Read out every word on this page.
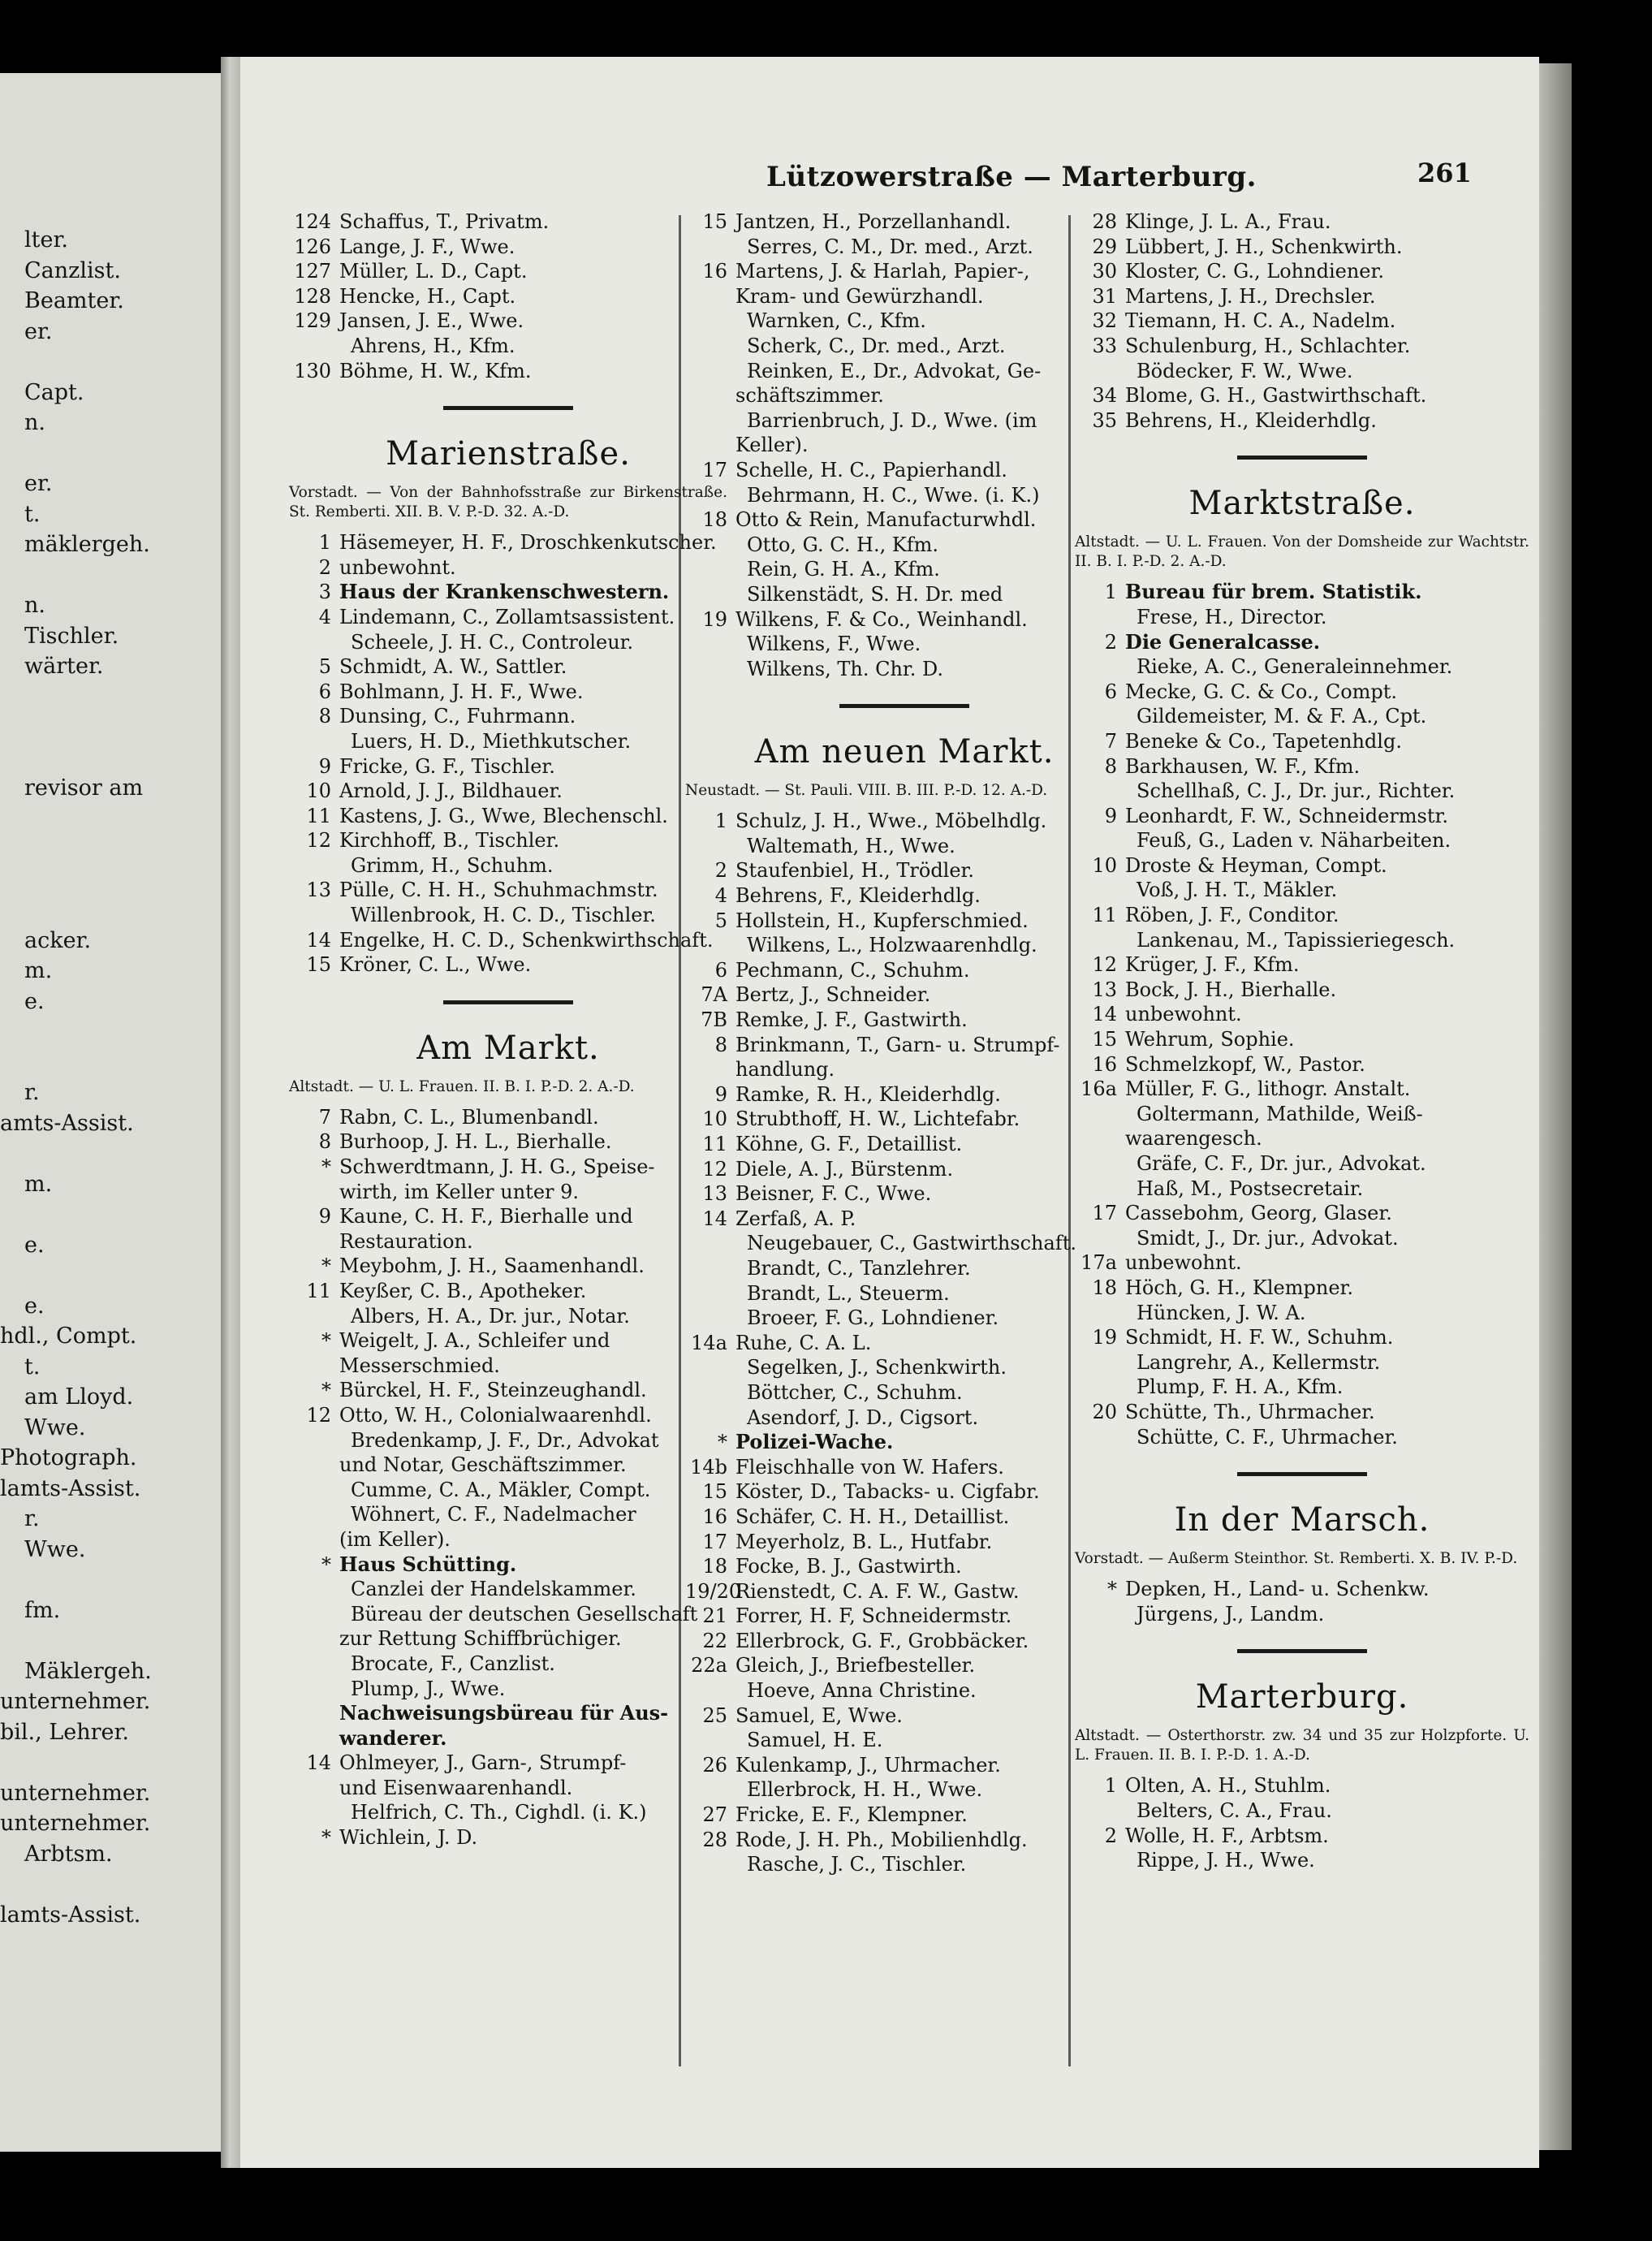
lter.
Canzlist.
Beamter.
er.
Capt.
n.
er.
t.
mäklergeh.
n.
Tischler.
wärter.
revisor am
acker.
m.
e.
r.
amts-Assist.
m.
e.
e.
hdl., Compt.
t.
am Lloyd.
Wwe.
Photograph.
lamts-Assist.
r.
Wwe.
fm.
Mäklergeh.
unternehmer.
bil., Lehrer.
unternehmer.
unternehmer.
Arbtsm.
lamts-Assist.
Lützowerstraße — Marterburg.	261
124 Schaffus, T., Privatm.
126 Lange, J. F., Wwe.
127 Müller, L. D., Capt.
128 Hencke, H., Capt.
129 Jansen, J. E., Wwe.
Ahrens, H., Kfm.
130 Böhme, H. W., Kfm.
Marienstraße.
Vorstadt. — Von der Bahnhofsstraße zur Birkenstraße. St. Remberti. XII. B. V. P.-D. 32. A.-D.
1 Häsemeyer, H. F., Droschkenkutscher.
2 unbewohnt.
3 Haus der Krankenschwestern.
4 Lindemann, C., Zollamtsassistent.
Scheele, J. H. C., Controleur.
5 Schmidt, A. W., Sattler.
6 Bohlmann, J. H. F., Wwe.
8 Dunsing, C., Fuhrmann.
Luers, H. D., Miethkutscher.
9 Fricke, G. F., Tischler.
10 Arnold, J. J., Bildhauer.
11 Kastens, J. G., Wwe, Blechenschl.
12 Kirchhoff, B., Tischler.
Grimm, H., Schuhm.
13 Pülle, C. H. H., Schuhmachmstr.
Willenbrook, H. C. D., Tischler.
14 Engelke, H. C. D., Schenkwirthschaft.
15 Kröner, C. L., Wwe.
Am Markt.
Altstadt. — U. L. Frauen. II. B. I. P.-D. 2. A.-D.
7 Rabn, C. L., Blumenbandl.
8 Burhoop, J. H. L., Bierhalle.
* Schwerdtmann, J. H. G., Speise-
wirth, im Keller unter 9.
9 Kaune, C. H. F., Bierhalle und
Restauration.
* Meybohm, J. H., Saamenhandl.
11 Keyßer, C. B., Apotheker.
Albers, H. A., Dr. jur., Notar.
* Weigelt, J. A., Schleifer und
Messerschmied.
* Bürckel, H. F., Steinzeughandl.
12 Otto, W. H., Colonialwaarenhdl.
Bredenkamp, J. F., Dr., Advokat
und Notar, Geschäftszimmer.
Cumme, C. A., Mäkler, Compt.
Wöhnert, C. F., Nadelmacher
(im Keller).
* Haus Schütting.
Canzlei der Handelskammer.
Büreau der deutschen Gesellschaft
zur Rettung Schiffbrüchiger.
Brocate, F., Canzlist.
Plump, J., Wwe.
Nachweisungsbüreau für Aus-
wanderer.
14 Ohlmeyer, J., Garn-, Strumpf-
und Eisenwaarenhandl.
Helfrich, C. Th., Cighdl. (i. K.)
* Wichlein, J. D.
15 Jantzen, H., Porzellanhandl.
Serres, C. M., Dr. med., Arzt.
16 Martens, J. & Harlah, Papier-,
Kram- und Gewürzhandl.
Warnken, C., Kfm.
Scherk, C., Dr. med., Arzt.
Reinken, E., Dr., Advokat, Ge-
schäftszimmer.
Barrienbruch, J. D., Wwe. (im
Keller).
17 Schelle, H. C., Papierhandl.
Behrmann, H. C., Wwe. (i. K.)
18 Otto & Rein, Manufacturwhdl.
Otto, G. C. H., Kfm.
Rein, G. H. A., Kfm.
Silkenstädt, S. H. Dr. med
19 Wilkens, F. & Co., Weinhandl.
Wilkens, F., Wwe.
Wilkens, Th. Chr. D.
Am neuen Markt.
Neustadt. — St. Pauli. VIII. B. III. P.-D. 12. A.-D.
1 Schulz, J. H., Wwe., Möbelhdlg.
Waltemath, H., Wwe.
2 Staufenbiel, H., Trödler.
4 Behrens, F., Kleiderhdlg.
5 Hollstein, H., Kupferschmied.
Wilkens, L., Holzwaarenhdlg.
6 Pechmann, C., Schuhm.
7A Bertz, J., Schneider.
7B Remke, J. F., Gastwirth.
8 Brinkmann, T., Garn- u. Strumpf-
handlung.
9 Ramke, R. H., Kleiderhdlg.
10 Strubthoff, H. W., Lichtefabr.
11 Köhne, G. F., Detaillist.
12 Diele, A. J., Bürstenm.
13 Beisner, F. C., Wwe.
14 Zerfaß, A. P.
Neugebauer, C., Gastwirthschaft.
Brandt, C., Tanzlehrer.
Brandt, L., Steuerm.
Broeer, F. G., Lohndiener.
14a Ruhe, C. A. L.
Segelken, J., Schenkwirth.
Böttcher, C., Schuhm.
Asendorf, J. D., Cigsort.
* Polizei-Wache.
14b Fleischhalle von W. Hafers.
15 Köster, D., Tabacks- u. Cigfabr.
16 Schäfer, C. H. H., Detaillist.
17 Meyerholz, B. L., Hutfabr.
18 Focke, B. J., Gastwirth.
19/20Rienstedt, C. A. F. W., Gastw.
21 Forrer, H. F, Schneidermstr.
22 Ellerbrock, G. F., Grobbäcker.
22a Gleich, J., Briefbesteller.
Hoeve, Anna Christine.
25 Samuel, E, Wwe.
Samuel, H. E.
26 Kulenkamp, J., Uhrmacher.
Ellerbrock, H. H., Wwe.
27 Fricke, E. F., Klempner.
28 Rode, J. H. Ph., Mobilienhdlg.
Rasche, J. C., Tischler.
28 Klinge, J. L. A., Frau.
29 Lübbert, J. H., Schenkwirth.
30 Kloster, C. G., Lohndiener.
31 Martens, J. H., Drechsler.
32 Tiemann, H. C. A., Nadelm.
33 Schulenburg, H., Schlachter.
Bödecker, F. W., Wwe.
34 Blome, G. H., Gastwirthschaft.
35 Behrens, H., Kleiderhdlg.
Marktstraße.
Altstadt. — U. L. Frauen. Von der Domsheide zur Wachtstr. II. B. I. P.-D. 2. A.-D.
1 Bureau für brem. Statistik.
Frese, H., Director.
2 Die Generalcasse.
Rieke, A. C., Generaleinnehmer.
6 Mecke, G. C. & Co., Compt.
Gildemeister, M. & F. A., Cpt.
7 Beneke & Co., Tapetenhdlg.
8 Barkhausen, W. F., Kfm.
Schellhaß, C. J., Dr. jur., Richter.
9 Leonhardt, F. W., Schneidermstr.
Feuß, G., Laden v. Näharbeiten.
10 Droste & Heyman, Compt.
Voß, J. H. T., Mäkler.
11 Röben, J. F., Conditor.
Lankenau, M., Tapissieriegesch.
12 Krüger, J. F., Kfm.
13 Bock, J. H., Bierhalle.
14 unbewohnt.
15 Wehrum, Sophie.
16 Schmelzkopf, W., Pastor.
16a Müller, F. G., lithogr. Anstalt.
Goltermann, Mathilde, Weiß-
waarengesch.
Gräfe, C. F., Dr. jur., Advokat.
Haß, M., Postsecretair.
17 Cassebohm, Georg, Glaser.
Smidt, J., Dr. jur., Advokat.
17a unbewohnt.
18 Höch, G. H., Klempner.
Hüncken, J. W. A.
19 Schmidt, H. F. W., Schuhm.
Langrehr, A., Kellermstr.
Plump, F. H. A., Kfm.
20 Schütte, Th., Uhrmacher.
Schütte, C. F., Uhrmacher.
In der Marsch.
Vorstadt. — Außerm Steinthor. St. Remberti. X. B. IV. P.-D.
* Depken, H., Land- u. Schenkw.
Jürgens, J., Landm.
Marterburg.
Altstadt. — Osterthorstr. zw. 34 und 35 zur Holzpforte. U. L. Frauen. II. B. I. P.-D. 1. A.-D.
1 Olten, A. H., Stuhlm.
Belters, C. A., Frau.
2 Wolle, H. F., Arbtsm.
Rippe, J. H., Wwe.
